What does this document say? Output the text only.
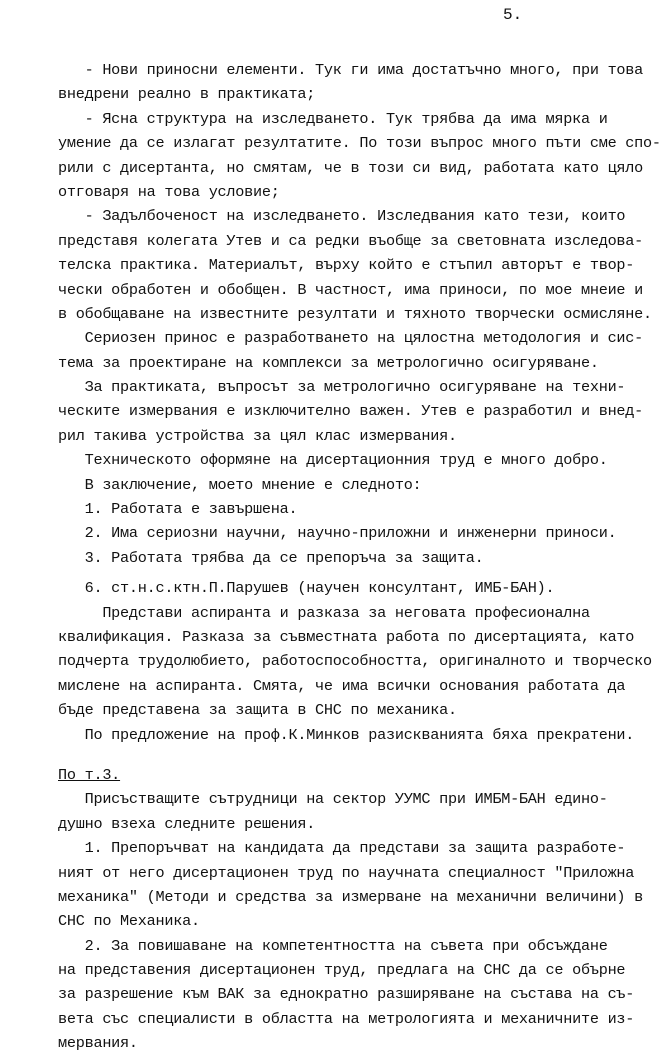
5.
- Нови приносни елементи. Тук ги има достатъчно много, при това
внедрени реално в практиката;
- Ясна структура на изследването. Тук трябва да има мярка и
умение да се излагат резултатите. По този въпрос много пъти сме спо-
рили с дисертанта, но смятам, че в този си вид, работата като цяло
отговаря на това условие;
- Задълбоченост на изследването. Изследвания като тези, които
представя колегата Утев и са редки въобще за световната изследова-
телска практика. Материалът, върху който е стъпил авторът е твор-
чески обработен и обобщен. В частност, има приноси, по мое мнеие и
в обобщаване на известните резултати и тяхното творчески осмисляне.
Сериозен принос е разработването на цялостна методология и сис-
тема за проектиране на комплекси за метрологично осигуряване.
За практиката, въпросът за метрологично осигуряване на техни-
ческите измервания е изключително важен. Утев е разработил и внед-
рил такива устройства за цял клас измервания.
Техническото оформяне на дисертационния труд е много добро.
В заключение, моето мнение е следното:
1. Работата е завършена.
2. Има сериозни научни, научно-приложни и инженерни приноси.
3. Работата трябва да се препоръча за защита.
6. ст.н.с.ктн.П.Парушев (научен консултант, ИМБ-БАН).
Представи аспиранта и разказа за неговата професионална
квалификация. Разказа за съвместната работа по дисертацията, като
подчерта трудолюбието, работоспособността, оригиналното и творческо
мислене на аспиранта. Смята, че има всички основания работата да
бъде представена за защита в СНС по механика.
По предложение на проф.К.Минков разискванията бяха прекратени.
По т.3.
Присъстващите сътрудници на сектор УУМС при ИМБМ-БАН едино-
душно взеха следните решения.
1. Препоръчват на кандидата да представи за защита разработе-
ният от него дисертационен труд по научната специалност "Приложна
механика" (Методи и средства за измерване на механични величини) в
СНС по Механика.
2. За повишаване на компетентността на съвета при обсъждане
на представения дисертационен труд, предлага на СНС да се обърне
за разрешение към ВАК за еднократно разширяване на състава на съ-
вета със специалисти в областта на метрологията и механичните из-
мервания.
